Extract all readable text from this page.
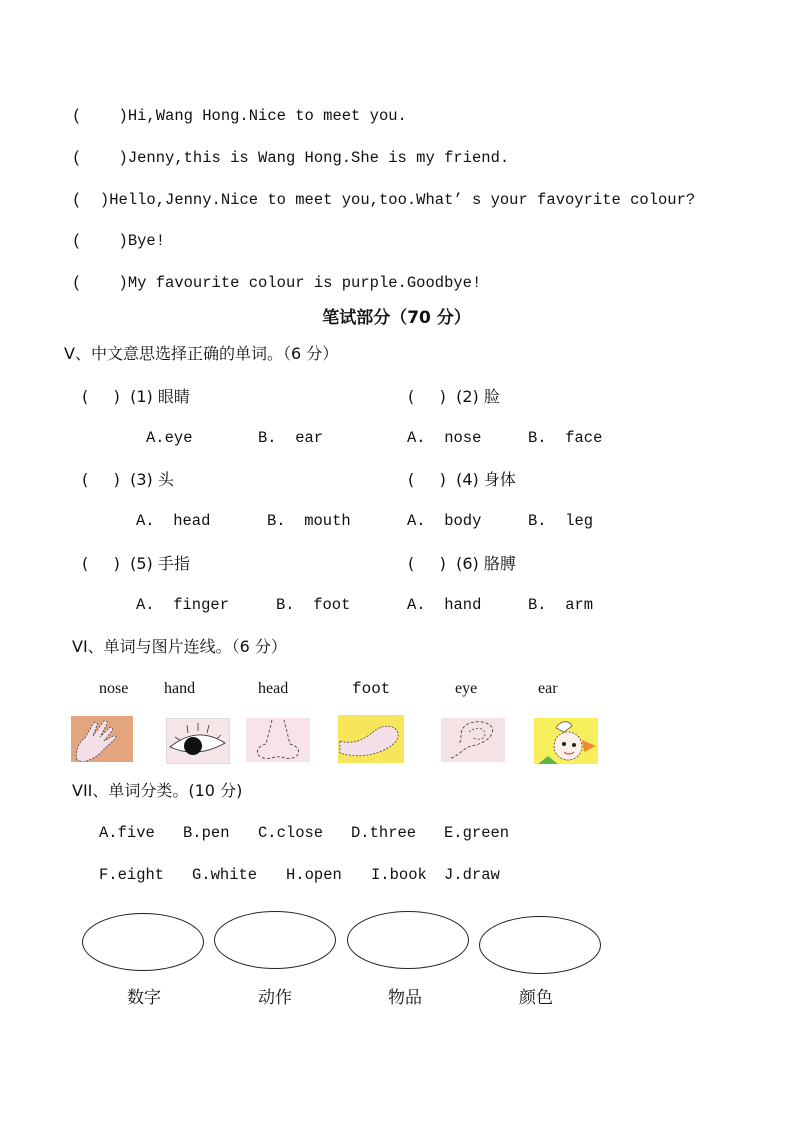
(    )Hi,Wang Hong.Nice to meet you.
(    )Jenny,this is Wang Hong.She is my friend.
(  )Hello,Jenny.Nice to meet you,too.What’ s your favoyrite colour?
(    )Bye!
(    )My favourite colour is purple.Goodbye!
笔试部分（70 分）
V、中文意思选择正确的单词。（6 分）
(     ) (1) 眼睛
A.eye	B.  ear
(     ) (2) 脸
A.  nose	B.  face
(     ) (3) 头
A.  head	B.  mouth
(     ) (4) 身体
A.  body	B.  leg
(     ) (5) 手指
A.  finger	B.  foot
(     ) (6) 胳膊
A.  hand	B.  arm
VI、单词与图片连线。（6 分）
nose hand	head	foot	eye	ear
VII、单词分类。(10 分)
A.five B.pen C.close D.three E.green
F.eight G.white H.open I.book J.draw
数字	动作	物品	颜色
